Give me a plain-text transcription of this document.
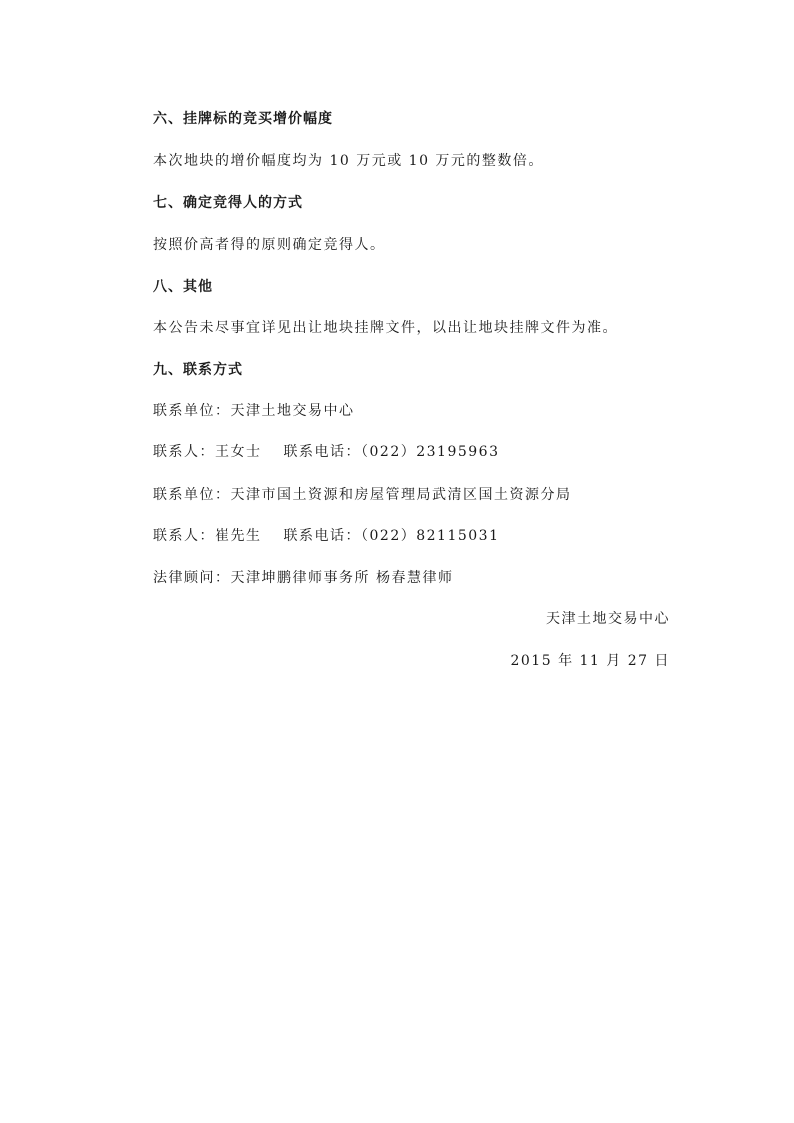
六、挂牌标的竞买增价幅度
本次地块的增价幅度均为 10 万元或 10 万元的整数倍。
七、确定竞得人的方式
按照价高者得的原则确定竞得人。
八、其他
本公告未尽事宜详见出让地块挂牌文件，以出让地块挂牌文件为准。
九、联系方式
联系单位：天津土地交易中心
联系人：王女士 联系电话：（022）23195963
联系单位：天津市国土资源和房屋管理局武清区国土资源分局
联系人：崔先生 联系电话：（022）82115031
法律顾问：天津坤鹏律师事务所 杨春慧律师
天津土地交易中心
2015 年 11 月 27 日
